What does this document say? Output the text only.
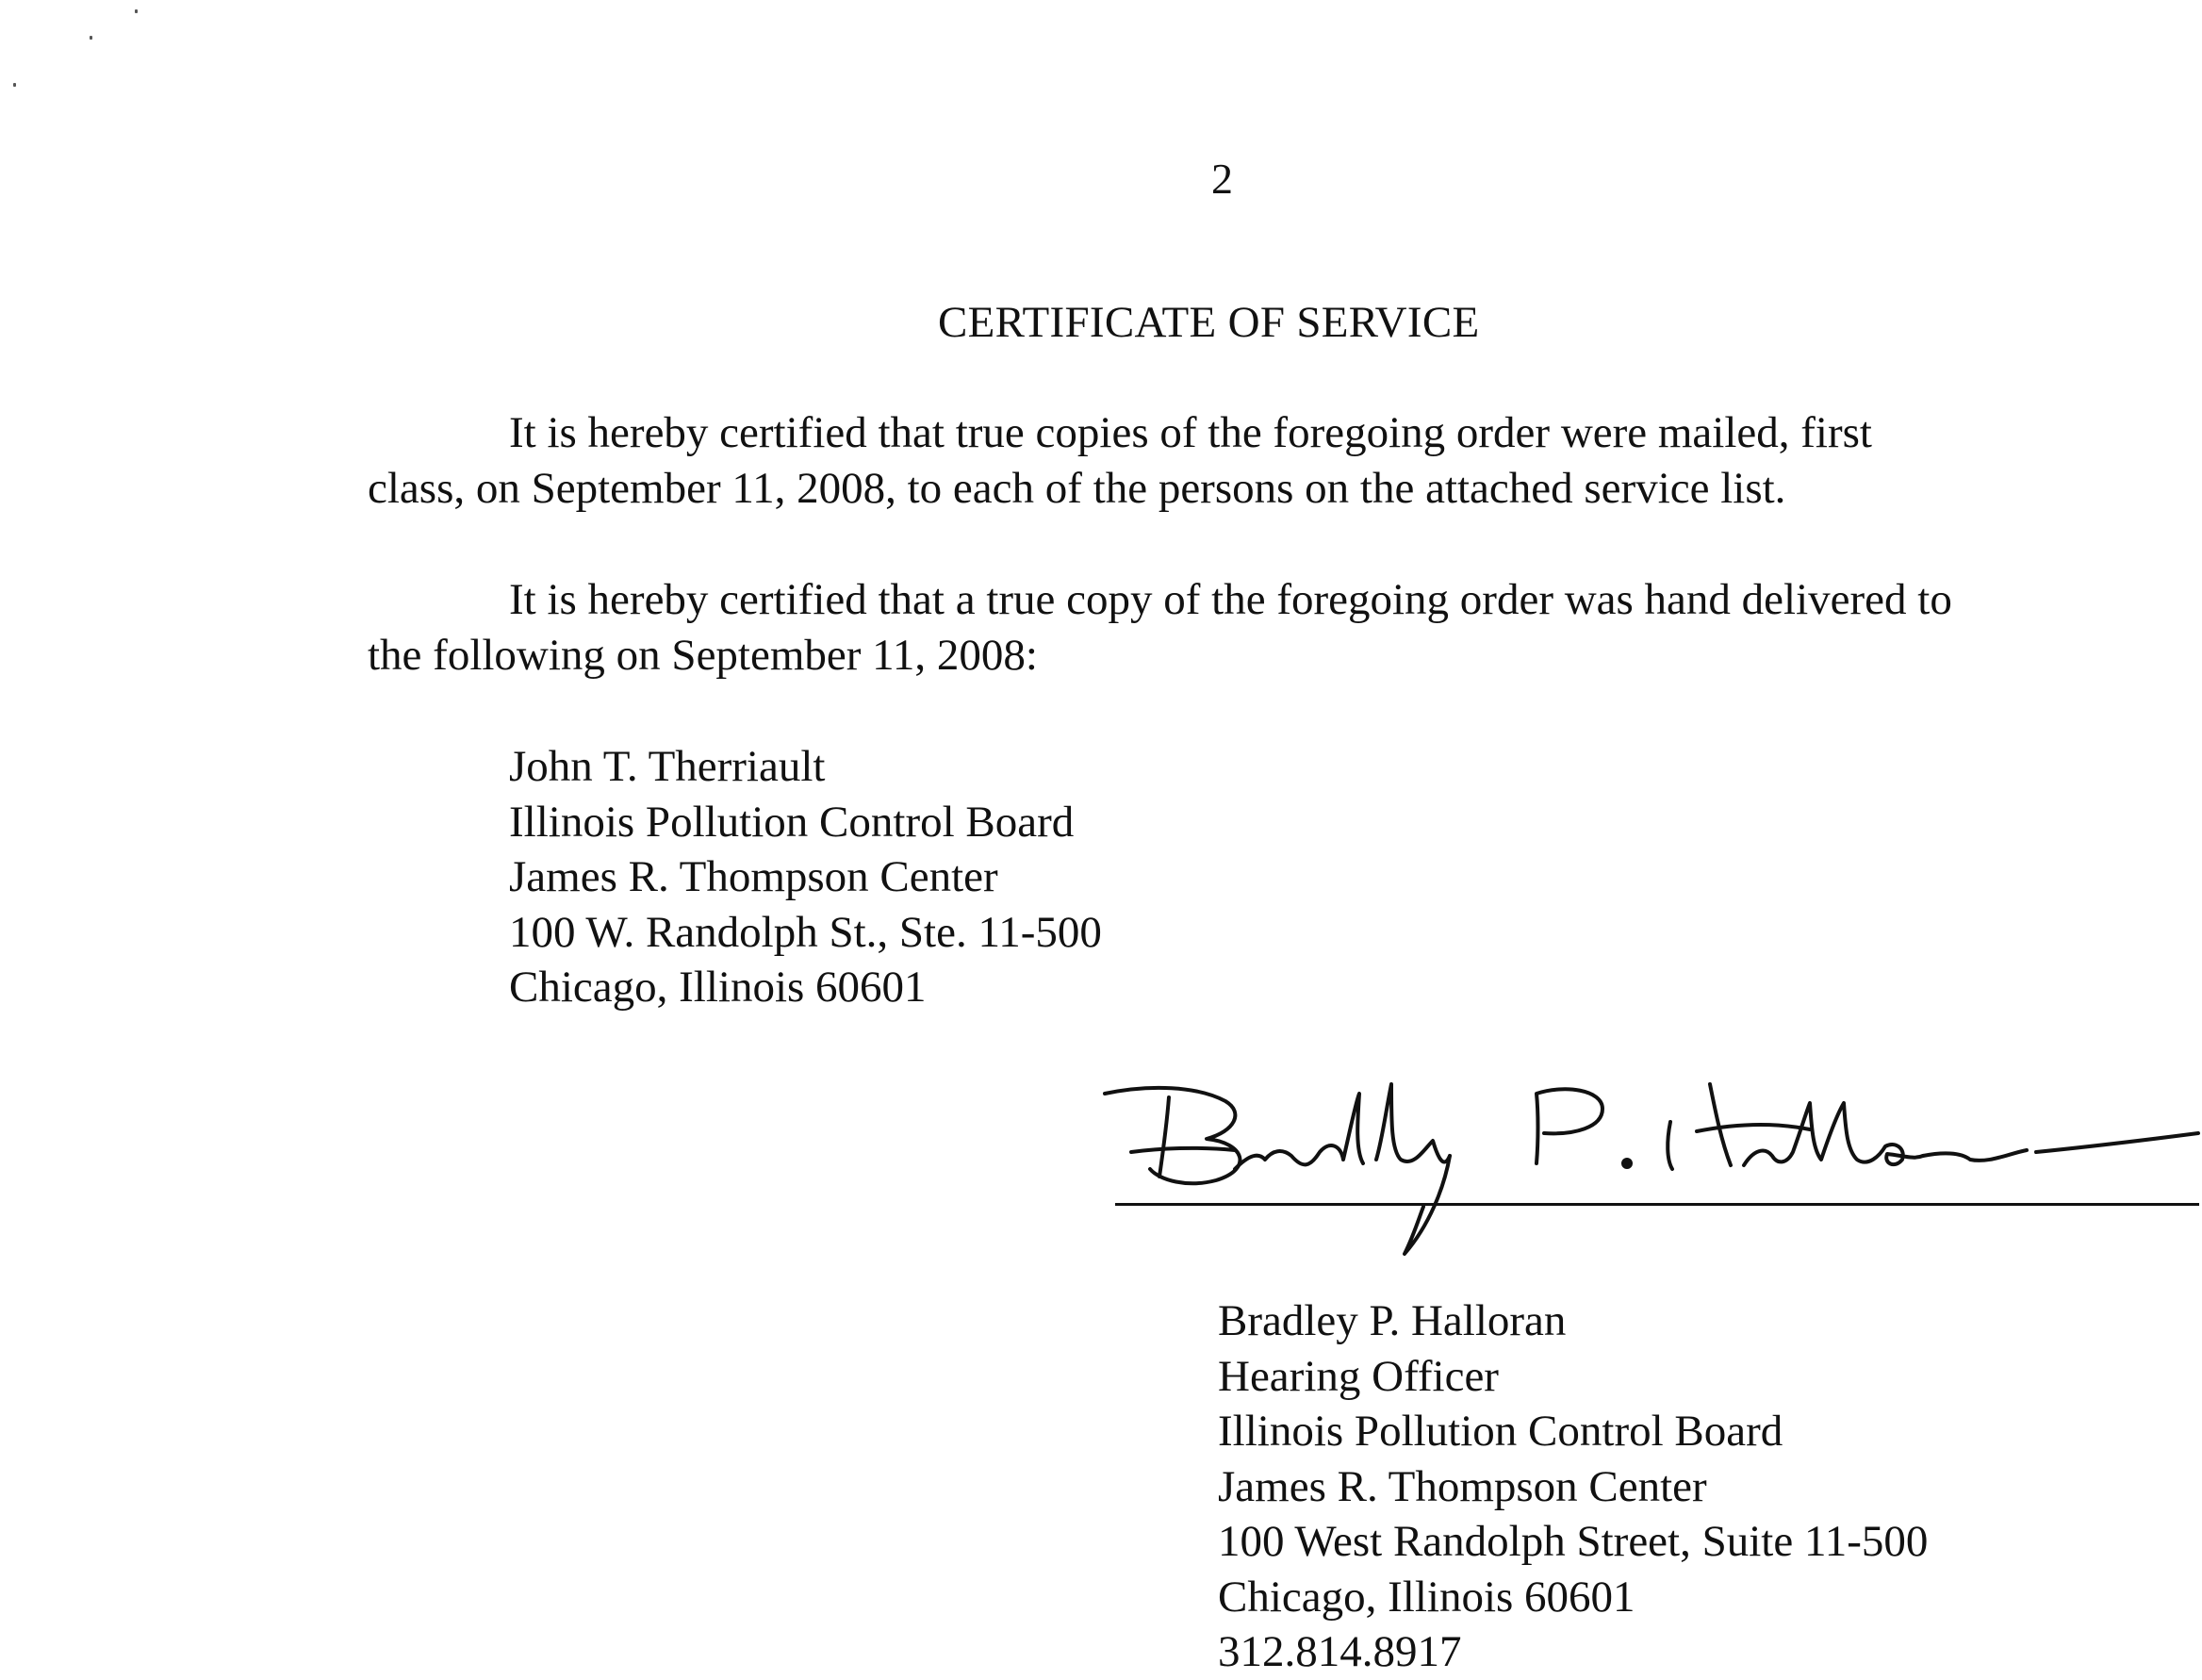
2
CERTIFICATE OF SERVICE
It is hereby certified that true copies of the foregoing order were mailed, first
class, on September 11, 2008, to each of the persons on the attached service list.
It is hereby certified that a true copy of the foregoing order was hand delivered to
the following on September 11, 2008:
John T. Therriault
Illinois Pollution Control Board
James R. Thompson Center
100 W. Randolph St., Ste. 11-500
Chicago, Illinois 60601
Bradley P. Halloran
Hearing Officer
Illinois Pollution Control Board
James R. Thompson Center
100 West Randolph Street, Suite 11-500
Chicago, Illinois 60601
312.814.8917
